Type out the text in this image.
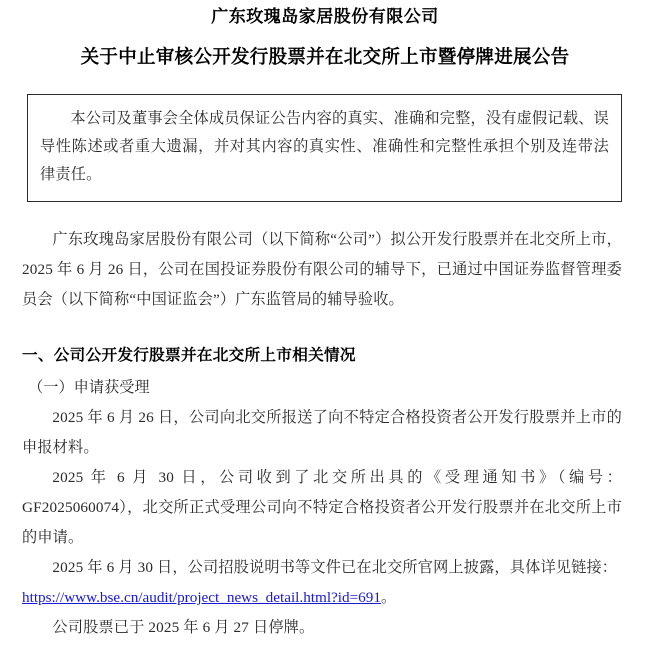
广东玫瑰岛家居股份有限公司
关于中止审核公开发行股票并在北交所上市暨停牌进展公告

本公司及董事会全体成员保证公告内容的真实、准确和完整，没有虚假记载、误导性陈述或者重大遗漏，并对其内容的真实性、准确性和完整性承担个别及连带法律责任。

广东玫瑰岛家居股份有限公司（以下简称“公司”）拟公开发行股票并在北交所上市，2025 年 6 月 26 日，公司在国投证券股份有限公司的辅导下，已通过中国证券监督管理委员会（以下简称“中国证监会”）广东监管局的辅导验收。

一、公司公开发行股票并在北交所上市相关情况

（一）申请获受理

2025 年 6 月 26 日，公司向北交所报送了向不特定合格投资者公开发行股票并上市的申报材料。

2025 年 6 月 30 日，公司收到了北交所出具的《受理通知书》（编号：GF2025060074），北交所正式受理公司向不特定合格投资者公开发行股票并在北交所上市的申请。

2025 年 6 月 30 日，公司招股说明书等文件已在北交所官网上披露，具体详见链接：

https://www.bse.cn/audit/project_news_detail.html?id=691。

公司股票已于 2025 年 6 月 27 日停牌。
